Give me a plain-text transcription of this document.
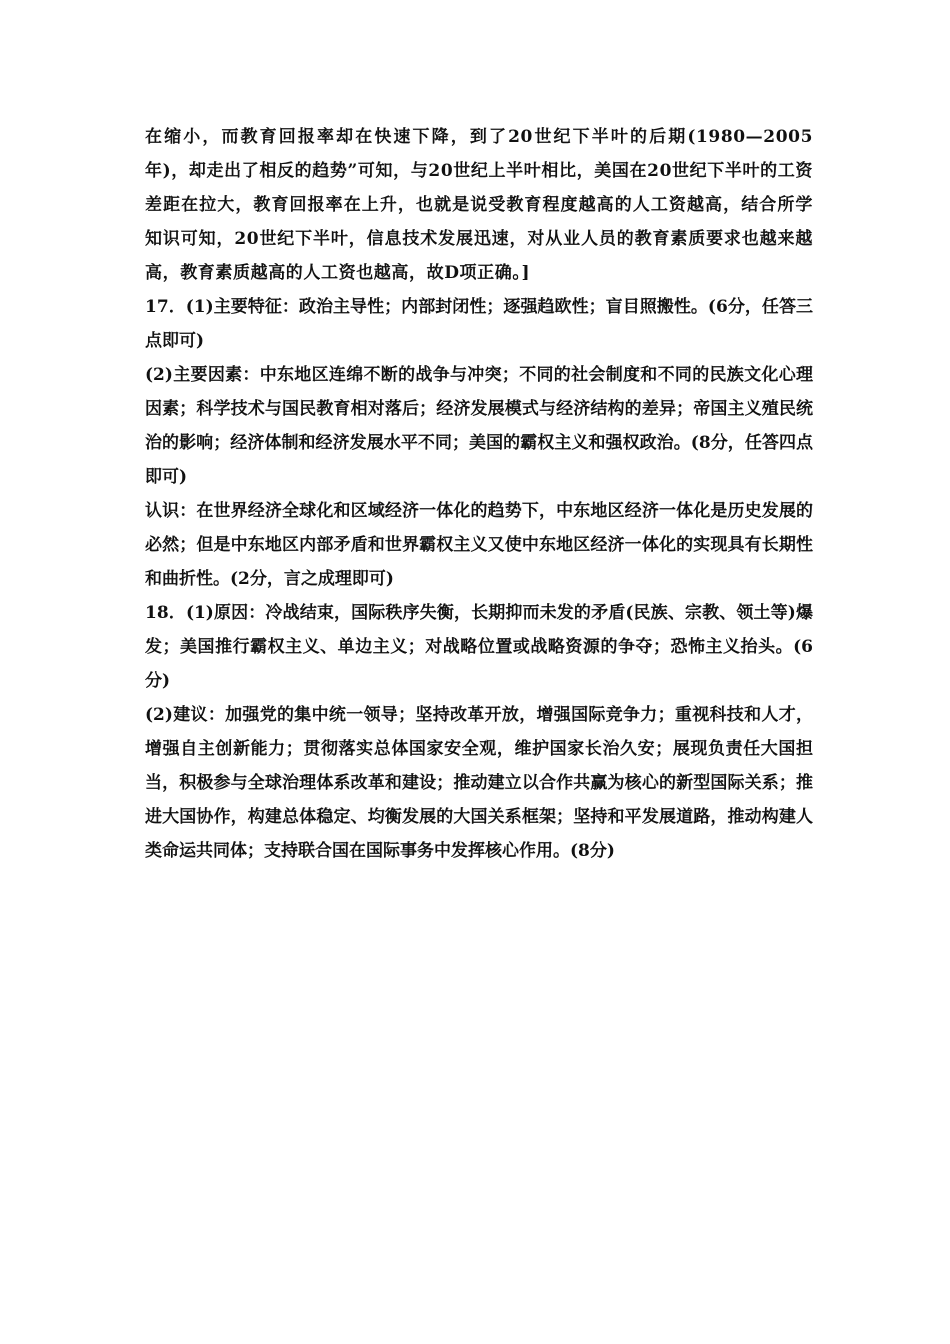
在缩小，而教育回报率却在快速下降，到了20世纪下半叶的后期(1980—2005年)，却走出了相反的趋势”可知，与20世纪上半叶相比，美国在20世纪下半叶的工资差距在拉大，教育回报率在上升，也就是说受教育程度越高的人工资越高，结合所学知识可知，20世纪下半叶，信息技术发展迅速，对从业人员的教育素质要求也越来越高，教育素质越高的人工资也越高，故D项正确。]

17．(1)主要特征：政治主导性；内部封闭性；逐强趋欧性；盲目照搬性。(6分，任答三点即可)

(2)主要因素：中东地区连绵不断的战争与冲突；不同的社会制度和不同的民族文化心理因素；科学技术与国民教育相对落后；经济发展模式与经济结构的差异；帝国主义殖民统治的影响；经济体制和经济发展水平不同；美国的霸权主义和强权政治。(8分，任答四点即可)

认识：在世界经济全球化和区域经济一体化的趋势下，中东地区经济一体化是历史发展的必然；但是中东地区内部矛盾和世界霸权主义又使中东地区经济一体化的实现具有长期性和曲折性。(2分，言之成理即可)

18．(1)原因：冷战结束，国际秩序失衡，长期抑而未发的矛盾(民族、宗教、领土等)爆发；美国推行霸权主义、单边主义；对战略位置或战略资源的争夺；恐怖主义抬头。(6分)

(2)建议：加强党的集中统一领导；坚持改革开放，增强国际竞争力；重视科技和人才，增强自主创新能力；贯彻落实总体国家安全观，维护国家长治久安；展现负责任大国担当，积极参与全球治理体系改革和建设；推动建立以合作共赢为核心的新型国际关系；推进大国协作，构建总体稳定、均衡发展的大国关系框架；坚持和平发展道路，推动构建人类命运共同体；支持联合国在国际事务中发挥核心作用。(8分)
